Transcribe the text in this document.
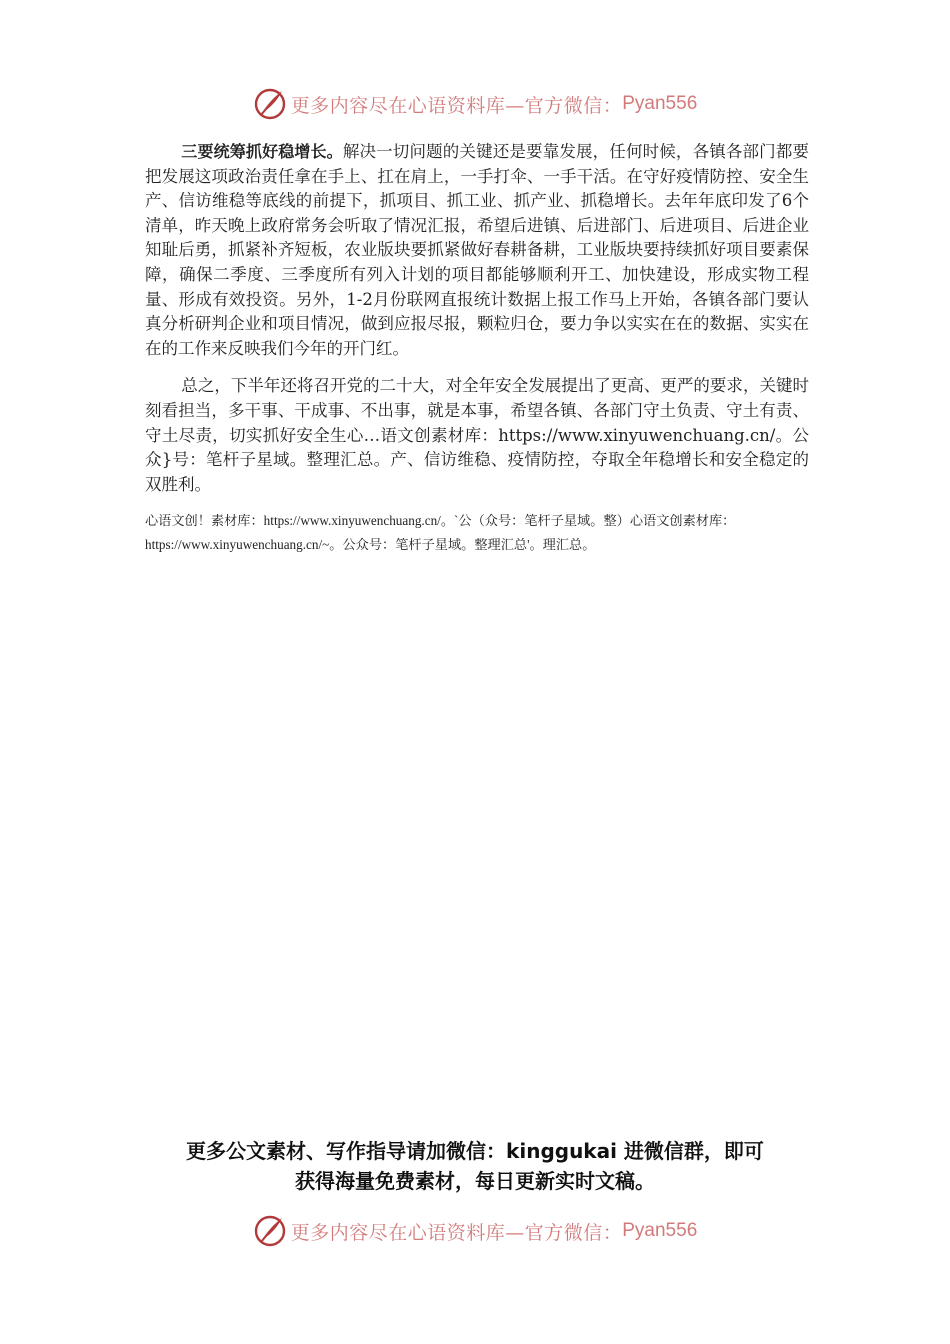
更多内容尽在心语资料库—官方微信： Pyan556

三要统筹抓好稳增长。解决一切问题的关键还是要靠发展，任何时候，各镇各部门都要把发展这项政治责任拿在手上、扛在肩上，一手打伞、一手干活。在守好疫情防控、安全生产、信访维稳等底线的前提下，抓项目、抓工业、抓产业、抓稳增长。去年年底印发了6个清单，昨天晚上政府常务会听取了情况汇报，希望后进镇、后进部门、后进项目、后进企业知耻后勇，抓紧补齐短板，农业版块要抓紧做好春耕备耕，工业版块要持续抓好项目要素保障，确保二季度、三季度所有列入计划的项目都能够顺利开工、加快建设，形成实物工程量、形成有效投资。另外，1-2月份联网直报统计数据上报工作马上开始，各镇各部门要认真分析研判企业和项目情况，做到应报尽报，颗粒归仓，要力争以实实在在的数据、实实在在的工作来反映我们今年的开门红。

总之，下半年还将召开党的二十大，对全年安全发展提出了更高、更严的要求，关键时刻看担当，多干事、干成事、不出事，就是本事，希望各镇、各部门守土负责、守土有责、守土尽责，切实抓好安全生心…语文创素材库：https://www.xinyuwenchuang.cn/。公众}号：笔杆子星域。整理汇总。产、信访维稳、疫情防控，夺取全年稳增长和安全稳定的双胜利。

心语文创！素材库：https://www.xinyuwenchuang.cn/。`公（众号：笔杆子星域。整）心语文创素材库：https://www.xinyuwenchuang.cn/~。公众号：笔杆子星域。整理汇总'。理汇总。

更多公文素材、写作指导请加微信：kinggukai 进微信群，即可
获得海量免费素材，每日更新实时文稿。
更多内容尽在心语资料库—官方微信： Pyan556
